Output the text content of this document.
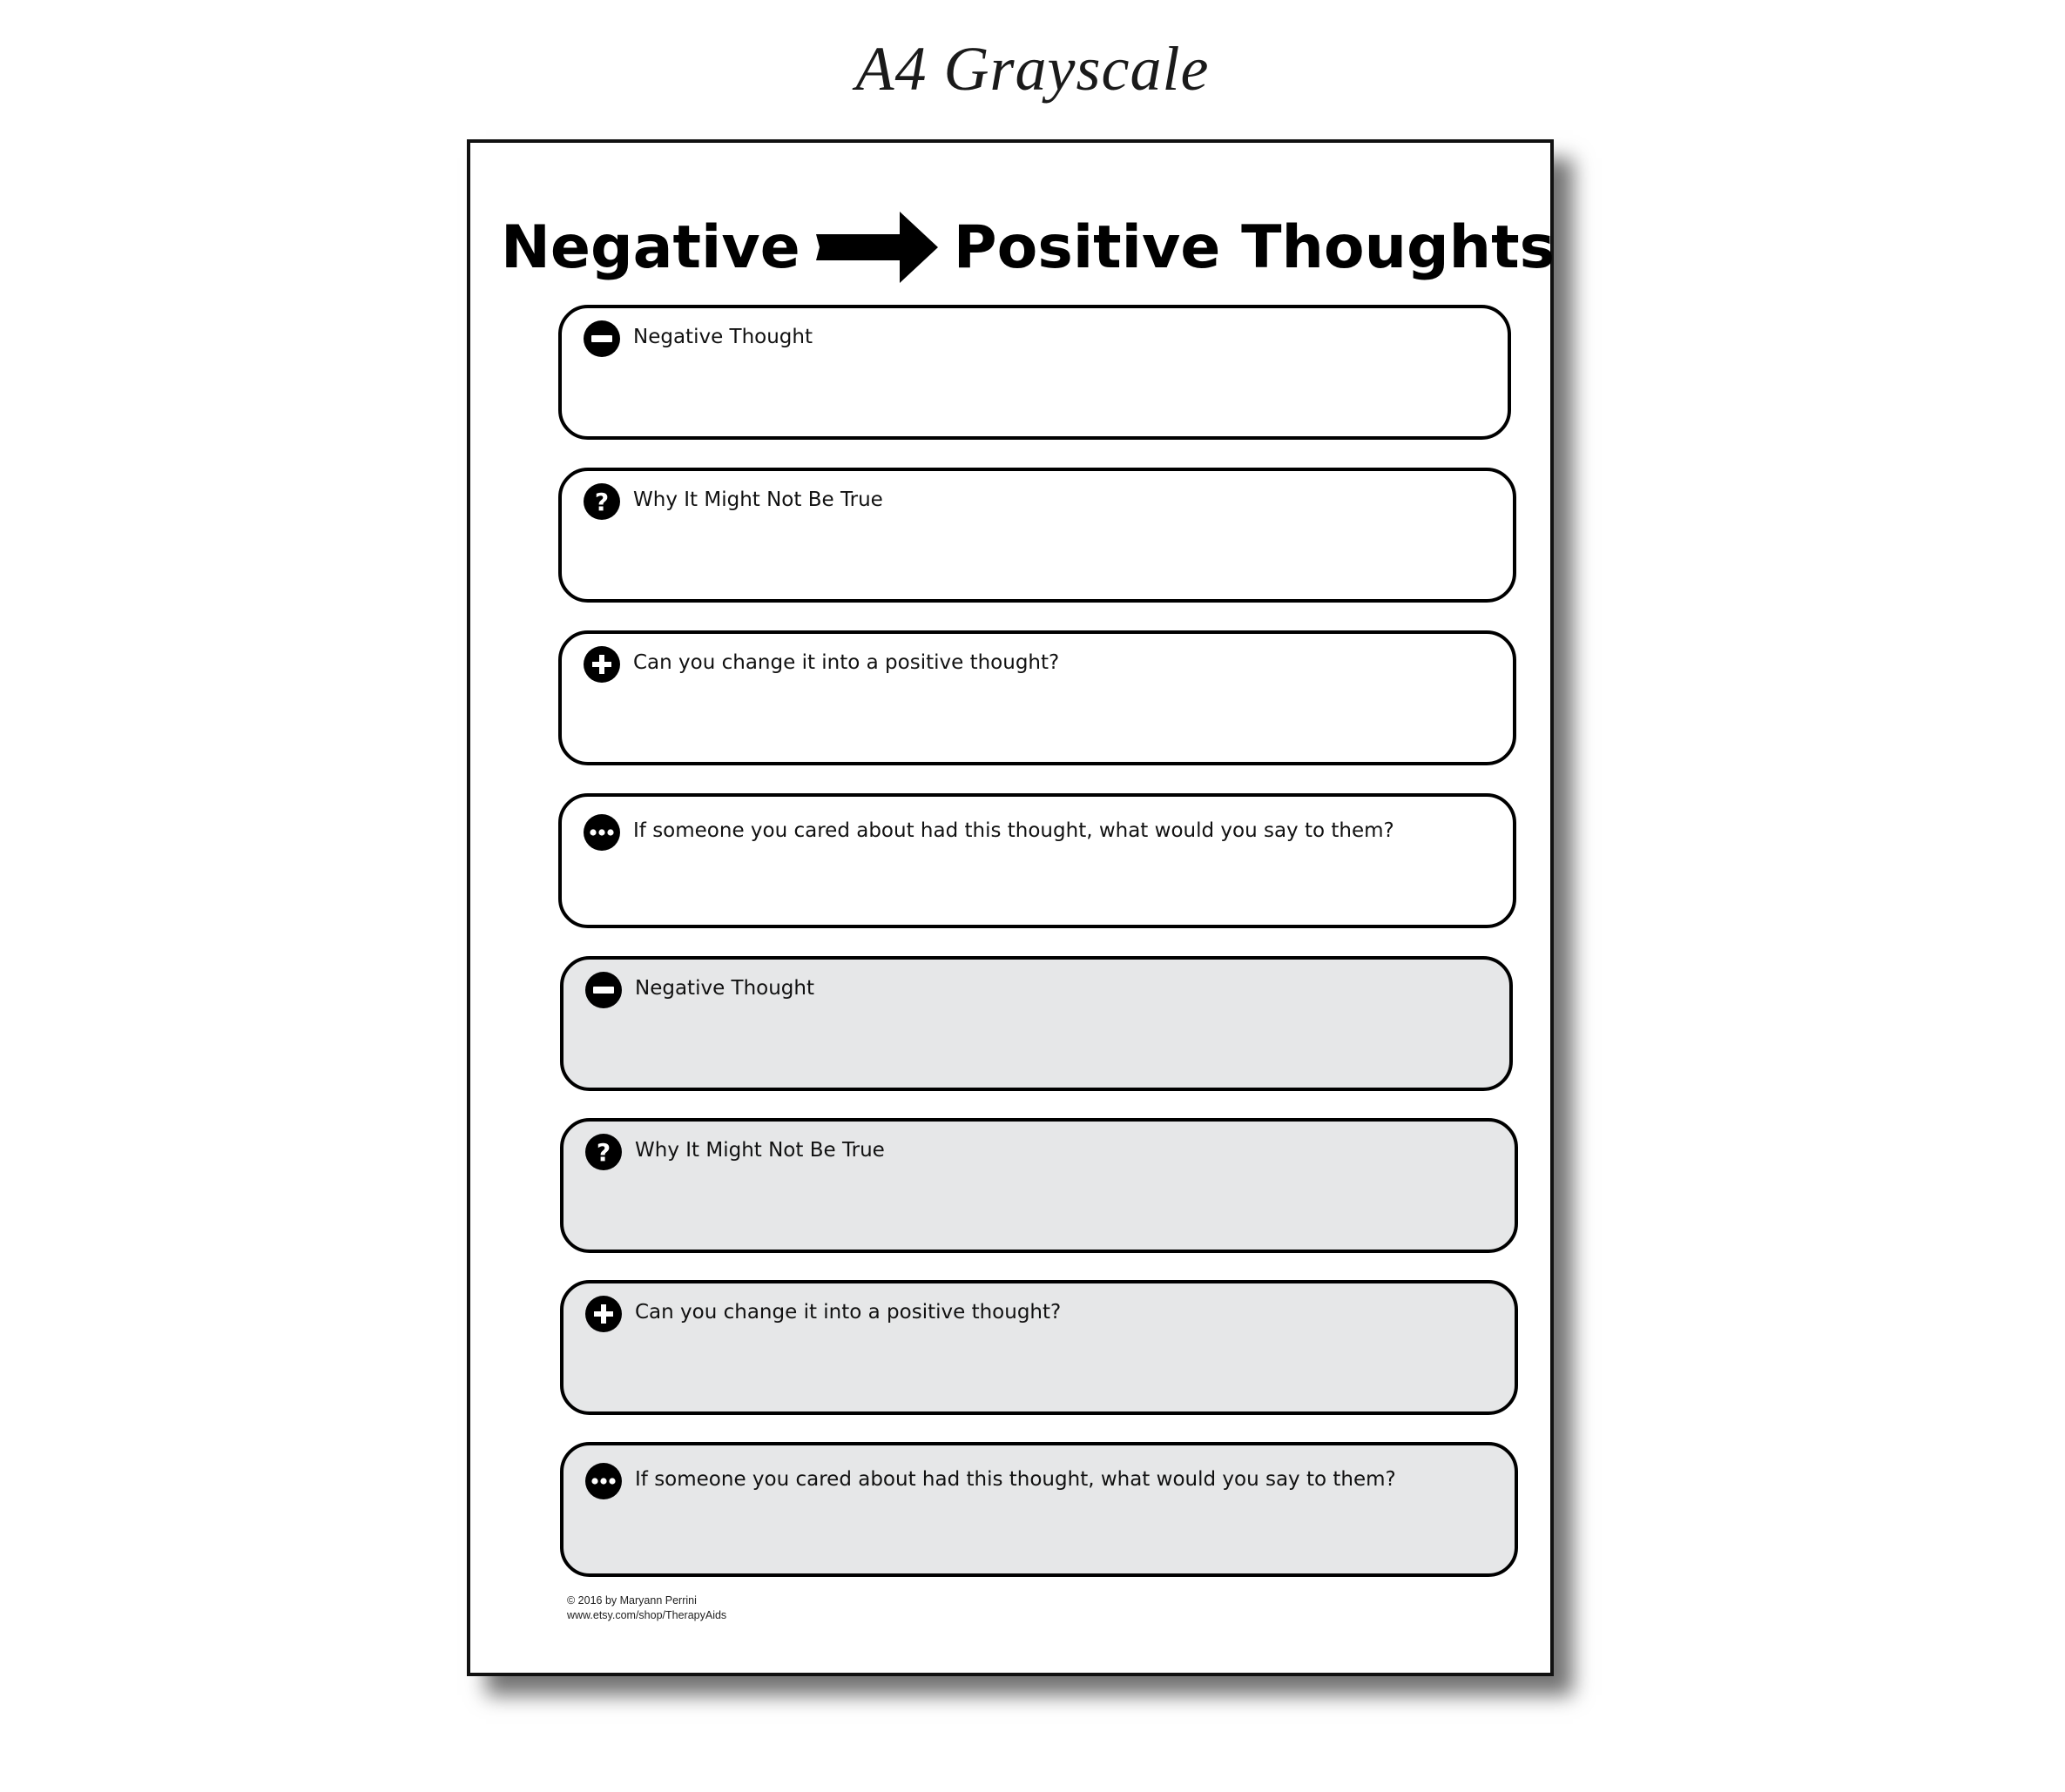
A4 Grayscale
Negative	Positive Thoughts
Negative Thought
? Why It Might Not Be True
Can you change it into a positive thought?
If someone you cared about had this thought, what would you say to them?
Negative Thought
? Why It Might Not Be True
Can you change it into a positive thought?
If someone you cared about had this thought, what would you say to them?
© 2016 by Maryann Perrini
www.etsy.com/shop/TherapyAids
